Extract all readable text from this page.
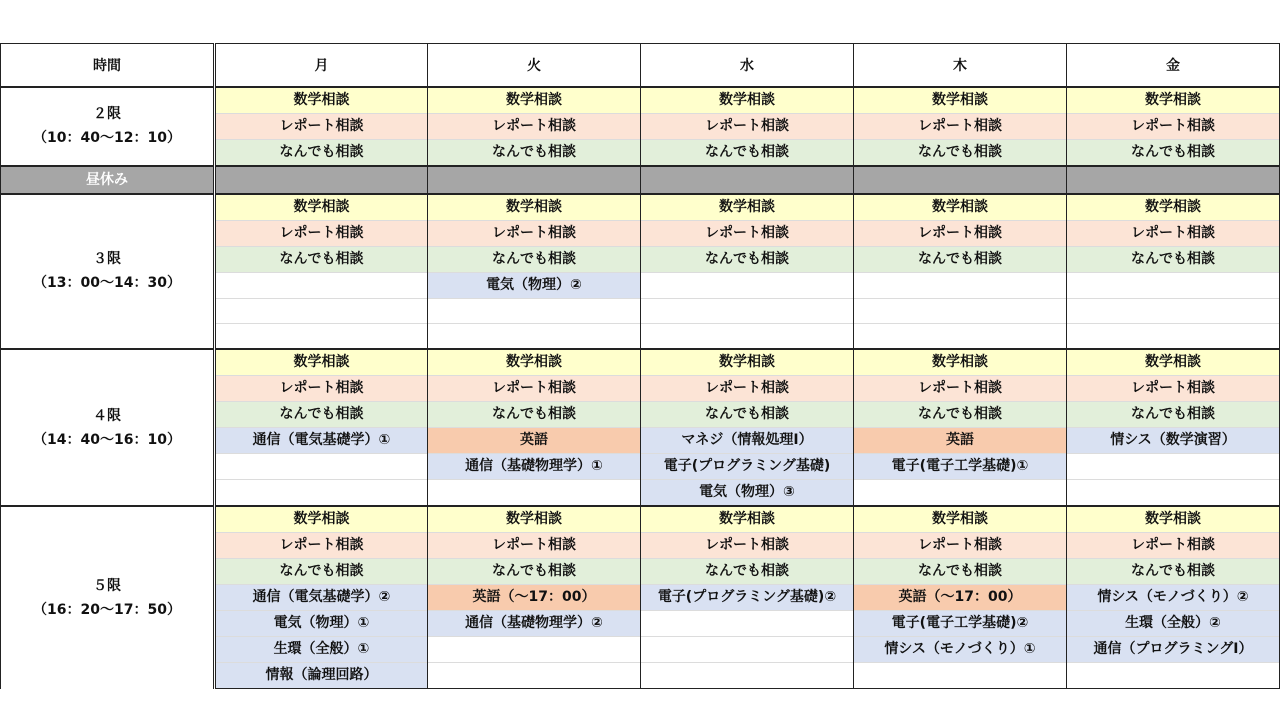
時間	月	火	水	木	金

２限
（10：40〜12：10）	数学相談	数学相談	数学相談	数学相談	数学相談
	レポート相談	レポート相談	レポート相談	レポート相談	レポート相談
	なんでも相談	なんでも相談	なんでも相談	なんでも相談	なんでも相談
昼休み					

３限
（13：00〜14：30）	数学相談	数学相談	数学相談	数学相談	数学相談
	レポート相談	レポート相談	レポート相談	レポート相談	レポート相談
	なんでも相談	なんでも相談	なんでも相談	なんでも相談	なんでも相談
		電気（物理）②			

４限
（14：40〜16：10）	数学相談	数学相談	数学相談	数学相談	数学相談
	レポート相談	レポート相談	レポート相談	レポート相談	レポート相談
	なんでも相談	なんでも相談	なんでも相談	なんでも相談	なんでも相談
	通信（電気基礎学）①	英語	マネジ（情報処理Ⅰ）	英語	情シス（数学演習）
		通信（基礎物理学）①	電子(プログラミング基礎)	電子(電子工学基礎)①	
			電気（物理）③		

５限
（16：20〜17：50）	数学相談	数学相談	数学相談	数学相談	数学相談
	レポート相談	レポート相談	レポート相談	レポート相談	レポート相談
	なんでも相談	なんでも相談	なんでも相談	なんでも相談	なんでも相談
	通信（電気基礎学）②	英語（〜17：00）	電子(プログラミング基礎)②	英語（〜17：00）	情シス（モノづくり）②
	電気（物理）①	通信（基礎物理学）②		電子(電子工学基礎)②	生環（全般）②
	生環（全般）①			情シス（モノづくり）①	通信（プログラミングⅠ）
	情報（論理回路）				
